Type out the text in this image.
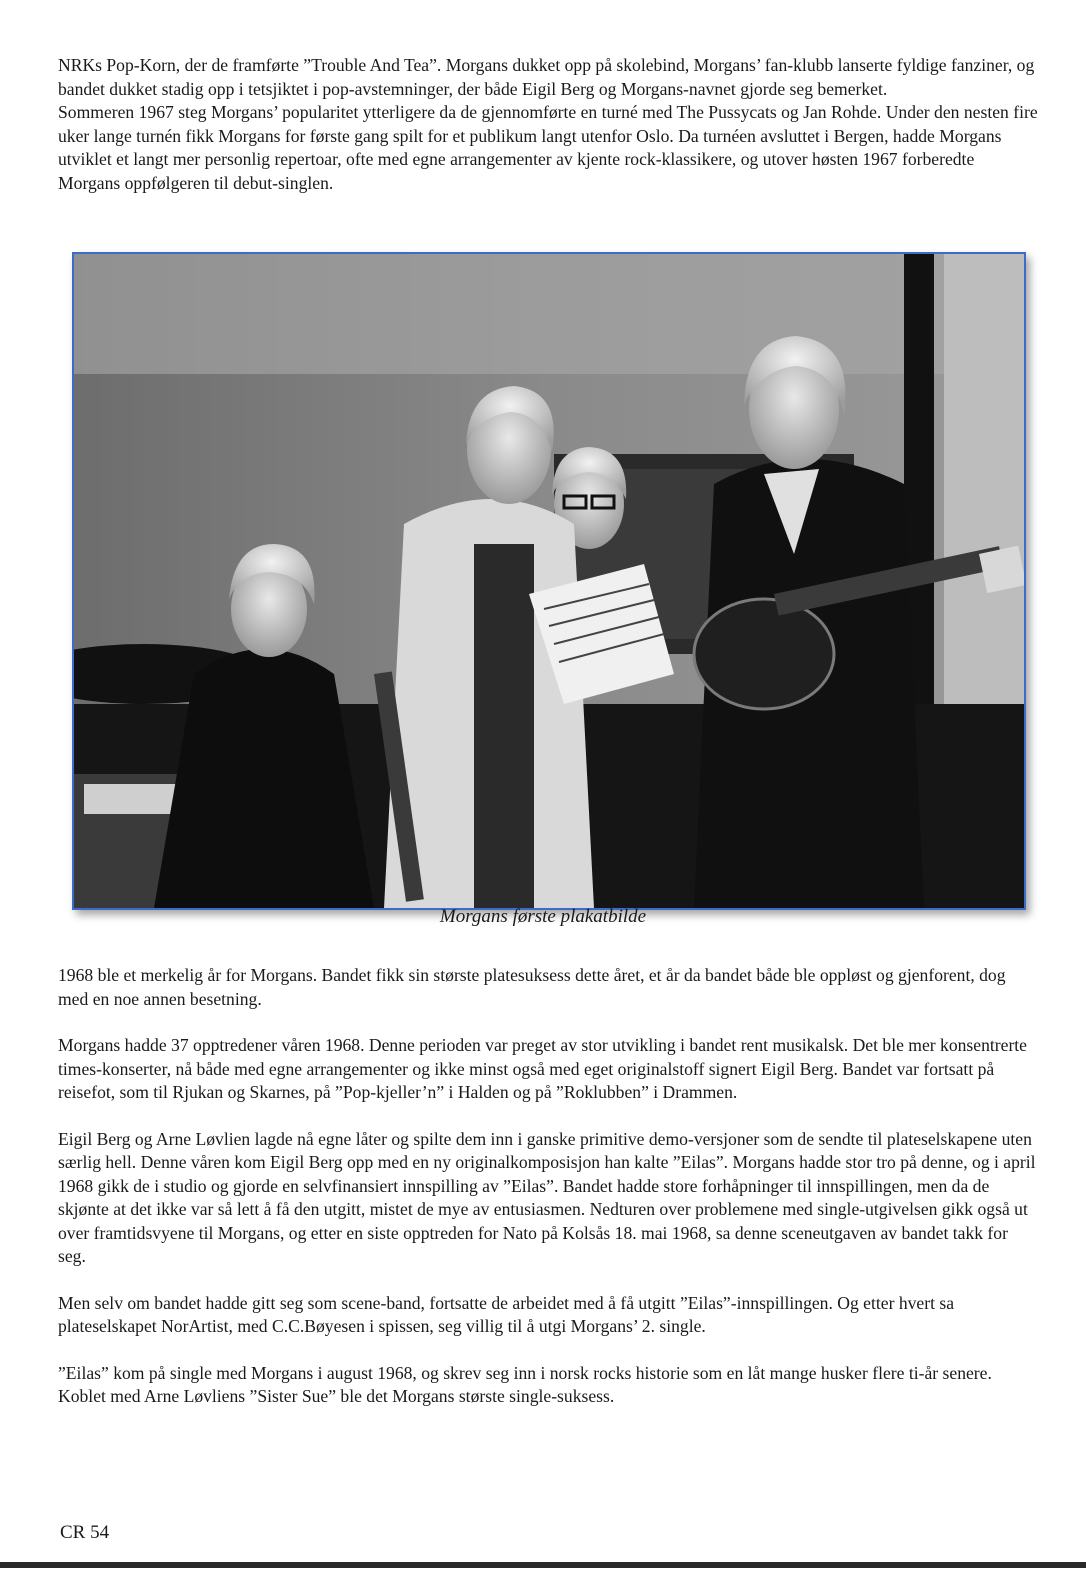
NRKs Pop-Korn, der de framførte ”Trouble And Tea”. Morgans dukket opp på skolebind, Morgans’ fan-klubb lanserte fyldige fanziner, og bandet dukket stadig opp i tetsjiktet i pop-avstemninger, der både Eigil Berg og Morgans-navnet gjorde seg bemerket.

Sommeren 1967 steg Morgans’ popularitet ytterligere da de gjennomførte en turné med The Pussycats og Jan Rohde. Under den nesten fire uker lange turnén fikk Morgans for første gang spilt for et publikum langt utenfor Oslo. Da turnéen avsluttet i Bergen, hadde Morgans utviklet et langt mer personlig repertoar, ofte med egne arrangementer av kjente rock-klassikere, og utover høsten 1967 forberedte Morgans oppfølgeren til debut-singlen.

Morgans første plakatbilde

1968 ble et merkelig år for Morgans. Bandet fikk sin største platesuksess dette året, et år da bandet både ble oppløst og gjenforent, dog med en noe annen besetning.

Morgans hadde 37 opptredener våren 1968. Denne perioden var preget av stor utvikling i bandet rent musikalsk. Det ble mer konsentrerte times-konserter, nå både med egne arrangementer og ikke minst også med eget originalstoff signert Eigil Berg. Bandet var fortsatt på reisefot, som til Rjukan og Skarnes, på ”Pop-kjeller’n” i Halden og på ”Roklubben” i Drammen.

Eigil Berg og Arne Løvlien lagde nå egne låter og spilte dem inn i ganske primitive demo-versjoner som de sendte til plateselskapene uten særlig hell. Denne våren kom Eigil Berg opp med en ny originalkomposisjon han kalte ”Eilas”. Morgans hadde stor tro på denne, og i april 1968 gikk de i studio og gjorde en selvfinansiert innspilling av ”Eilas”. Bandet hadde store forhåpninger til innspillingen, men da de skjønte at det ikke var så lett å få den utgitt, mistet de mye av entusiasmen. Nedturen over problemene med single-utgivelsen gikk også ut over framtidsvyene til Morgans, og etter en siste opptreden for Nato på Kolsås 18. mai 1968, sa denne sceneutgaven av bandet takk for seg.

Men selv om bandet hadde gitt seg som scene-band, fortsatte de arbeidet med å få utgitt ”Eilas”-innspillingen. Og etter hvert sa plateselskapet NorArtist, med C.C.Bøyesen i spissen, seg villig til å utgi Morgans’ 2. single.

”Eilas” kom på single med Morgans i august 1968, og skrev seg inn i norsk rocks historie som en låt mange husker flere ti-år senere. Koblet med Arne Løvliens ”Sister Sue” ble det Morgans største single-suksess.

CR 54
